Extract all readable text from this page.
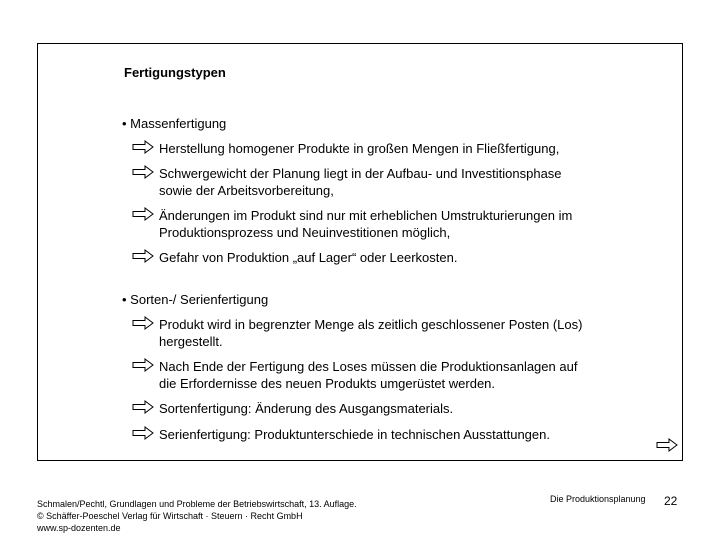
Fertigungstypen
• Massenfertigung
Herstellung homogener Produkte in großen Mengen in Fließfertigung,
Schwergewicht der Planung liegt in der Aufbau- und Investitionsphase
sowie der Arbeitsvorbereitung,
Änderungen im Produkt sind nur mit erheblichen Umstrukturierungen im
Produktionsprozess und Neuinvestitionen möglich,
Gefahr von Produktion „auf Lager“ oder Leerkosten.
• Sorten-/ Serienfertigung
Produkt wird in begrenzter Menge als zeitlich geschlossener Posten (Los)
hergestellt.
Nach Ende der Fertigung des Loses müssen die Produktionsanlagen auf
die Erfordernisse des neuen Produkts umgerüstet werden.
Sortenfertigung: Änderung des Ausgangsmaterials.
Serienfertigung: Produktunterschiede in technischen Ausstattungen.
Schmalen/Pechtl, Grundlagen und Probleme der Betriebswirtschaft, 13. Auflage.
© Schäffer-Poeschel Verlag für Wirtschaft · Steuern · Recht GmbH
www.sp-dozenten.de
Die Produktionsplanung 22
